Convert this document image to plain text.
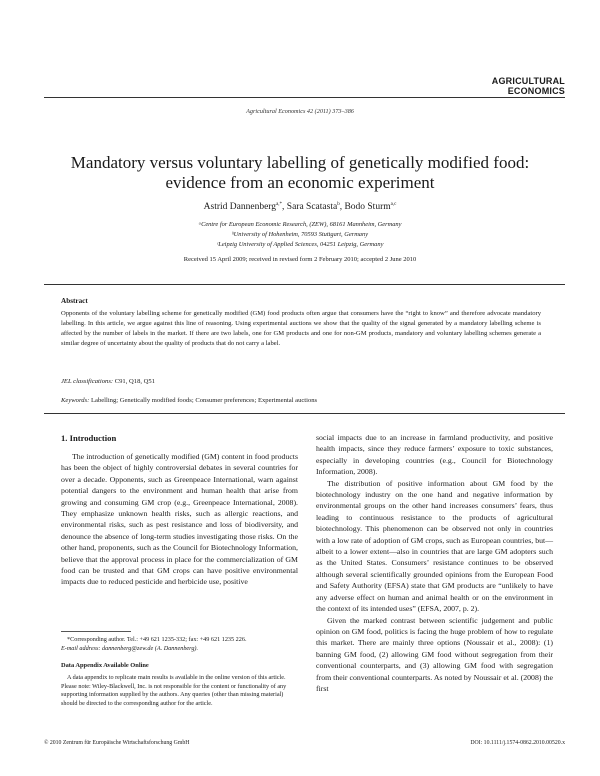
AGRICULTURAL
ECONOMICS
Agricultural Economics 42 (2011) 373–386
Mandatory versus voluntary labelling of genetically modified food:
evidence from an economic experiment
Astrid Dannenberg$^{a,*}$, Sara Scatasta$^b$, Bodo Sturm$^{a,c}$
ᵃCentre for European Economic Research, (ZEW), 68161 Mannheim, Germany
ᵇUniversity of Hohenheim, 70593 Stuttgart, Germany
ᶜLeipzig University of Applied Sciences, 04251 Leipzig, Germany
Received 15 April 2009; received in revised form 2 February 2010; accepted 2 June 2010
Abstract
Opponents of the voluntary labelling scheme for genetically modified (GM) food products often argue that consumers have the “right to know” and therefore advocate mandatory labelling. In this article, we argue against this line of reasoning. Using experimental auctions we show that the quality of the signal generated by a mandatory labelling scheme is affected by the number of labels in the market. If there are two labels, one for GM products and one for non-GM products, mandatory and voluntary labelling schemes generate a similar degree of uncertainty about the quality of products that do not carry a label.
JEL classifications: C91, Q18, Q51
Keywords: Labelling; Genetically modified foods; Consumer preferences; Experimental auctions
1. Introduction

The introduction of genetically modified (GM) content in food products has been the object of highly controversial debates in several countries for over a decade. Opponents, such as Greenpeace International, warn against potential dangers to the environment and human health that arise from growing and consuming GM crop (e.g., Greenpeace International, 2008). They emphasize unknown health risks, such as allergic reactions, and environmental risks, such as pest resistance and loss of biodiversity, and denounce the absence of long-term studies investigating those risks. On the other hand, proponents, such as the Council for Biotechnology Information, believe that the approval process in place for the commercialization of GM food can be trusted and that GM crops can have positive environmental impacts due to reduced pesticide and herbicide use, positive

social impacts due to an increase in farmland productivity, and positive health impacts, since they reduce farmers’ exposure to toxic substances, especially in developing countries (e.g., Council for Biotechnology Information, 2008).

The distribution of positive information about GM food by the biotechnology industry on the one hand and negative information by environmental groups on the other hand increases consumers’ fears, thus leading to continuous resistance to the products of agricultural biotechnology. This phenomenon can be observed not only in countries with a low rate of adoption of GM crops, such as European countries, but—albeit to a lower extent—also in countries that are large GM adopters such as the United States. Consumers’ resistance continues to be observed although several scientifically grounded opinions from the European Food and Safety Authority (EFSA) state that GM products are “unlikely to have any adverse effect on human and animal health or on the environment in the context of its intended uses” (EFSA, 2007, p. 2).

Given the marked contrast between scientific judgement and public opinion on GM food, politics is facing the huge problem of how to regulate this market. There are mainly three options (Noussair et al., 2008): (1) banning GM food, (2) allowing GM food without segregation from their conventional counterparts, and (3) allowing GM food with segregation from their conventional counterparts. As noted by Noussair et al. (2008) the first

*Corresponding author. Tel.: +49 621 1235-332; fax: +49 621 1235 226.

E-mail address: dannenberg@zew.de (A. Dannenberg).
Data Appendix Available Online

A data appendix to replicate main results is available in the online version of this article. Please note: Wiley-Blackwell, Inc. is not responsible for the content or functionality of any supporting information supplied by the authors. Any queries (other than missing material) should be directed to the corresponding author for the article.

© 2010 Zentrum für Europäische Wirtschaftsforschung GmbH	DOI: 10.1111/j.1574-0862.2010.00520.x
